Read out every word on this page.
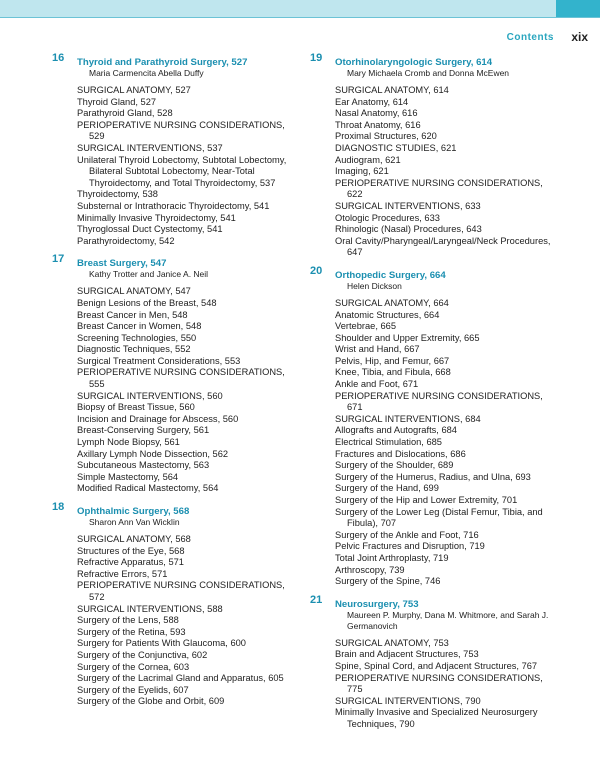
Contents xix
16 Thyroid and Parathyroid Surgery, 527
Maria Carmencita Abella Duffy
SURGICAL ANATOMY, 527
Thyroid Gland, 527
Parathyroid Gland, 528
PERIOPERATIVE NURSING CONSIDERATIONS, 529
SURGICAL INTERVENTIONS, 537
Unilateral Thyroid Lobectomy, Subtotal Lobectomy, Bilateral Subtotal Lobectomy, Near-Total Thyroidectomy, and Total Thyroidectomy, 537
Thyroidectomy, 538
Substernal or Intrathoracic Thyroidectomy, 541
Minimally Invasive Thyroidectomy, 541
Thyroglossal Duct Cystectomy, 541
Parathyroidectomy, 542
17 Breast Surgery, 547
Kathy Trotter and Janice A. Neil
SURGICAL ANATOMY, 547
Benign Lesions of the Breast, 548
Breast Cancer in Men, 548
Breast Cancer in Women, 548
Screening Technologies, 550
Diagnostic Techniques, 552
Surgical Treatment Considerations, 553
PERIOPERATIVE NURSING CONSIDERATIONS, 555
SURGICAL INTERVENTIONS, 560
Biopsy of Breast Tissue, 560
Incision and Drainage for Abscess, 560
Breast-Conserving Surgery, 561
Lymph Node Biopsy, 561
Axillary Lymph Node Dissection, 562
Subcutaneous Mastectomy, 563
Simple Mastectomy, 564
Modified Radical Mastectomy, 564
18 Ophthalmic Surgery, 568
Sharon Ann Van Wicklin
SURGICAL ANATOMY, 568
Structures of the Eye, 568
Refractive Apparatus, 571
Refractive Errors, 571
PERIOPERATIVE NURSING CONSIDERATIONS, 572
SURGICAL INTERVENTIONS, 588
Surgery of the Lens, 588
Surgery of the Retina, 593
Surgery for Patients With Glaucoma, 600
Surgery of the Conjunctiva, 602
Surgery of the Cornea, 603
Surgery of the Lacrimal Gland and Apparatus, 605
Surgery of the Eyelids, 607
Surgery of the Globe and Orbit, 609
19 Otorhinolaryngologic Surgery, 614
Mary Michaela Cromb and Donna McEwen
SURGICAL ANATOMY, 614
Ear Anatomy, 614
Nasal Anatomy, 616
Throat Anatomy, 616
Proximal Structures, 620
DIAGNOSTIC STUDIES, 621
Audiogram, 621
Imaging, 621
PERIOPERATIVE NURSING CONSIDERATIONS, 622
SURGICAL INTERVENTIONS, 633
Otologic Procedures, 633
Rhinologic (Nasal) Procedures, 643
Oral Cavity/Pharyngeal/Laryngeal/Neck Procedures, 647
20 Orthopedic Surgery, 664
Helen Dickson
SURGICAL ANATOMY, 664
Anatomic Structures, 664
Vertebrae, 665
Shoulder and Upper Extremity, 665
Wrist and Hand, 667
Pelvis, Hip, and Femur, 667
Knee, Tibia, and Fibula, 668
Ankle and Foot, 671
PERIOPERATIVE NURSING CONSIDERATIONS, 671
SURGICAL INTERVENTIONS, 684
Allografts and Autografts, 684
Electrical Stimulation, 685
Fractures and Dislocations, 686
Surgery of the Shoulder, 689
Surgery of the Humerus, Radius, and Ulna, 693
Surgery of the Hand, 699
Surgery of the Hip and Lower Extremity, 701
Surgery of the Lower Leg (Distal Femur, Tibia, and Fibula), 707
Surgery of the Ankle and Foot, 716
Pelvic Fractures and Disruption, 719
Total Joint Arthroplasty, 719
Arthroscopy, 739
Surgery of the Spine, 746
21 Neurosurgery, 753
Maureen P. Murphy, Dana M. Whitmore, and Sarah J. Germanovich
SURGICAL ANATOMY, 753
Brain and Adjacent Structures, 753
Spine, Spinal Cord, and Adjacent Structures, 767
PERIOPERATIVE NURSING CONSIDERATIONS, 775
SURGICAL INTERVENTIONS, 790
Minimally Invasive and Specialized Neurosurgery Techniques, 790
